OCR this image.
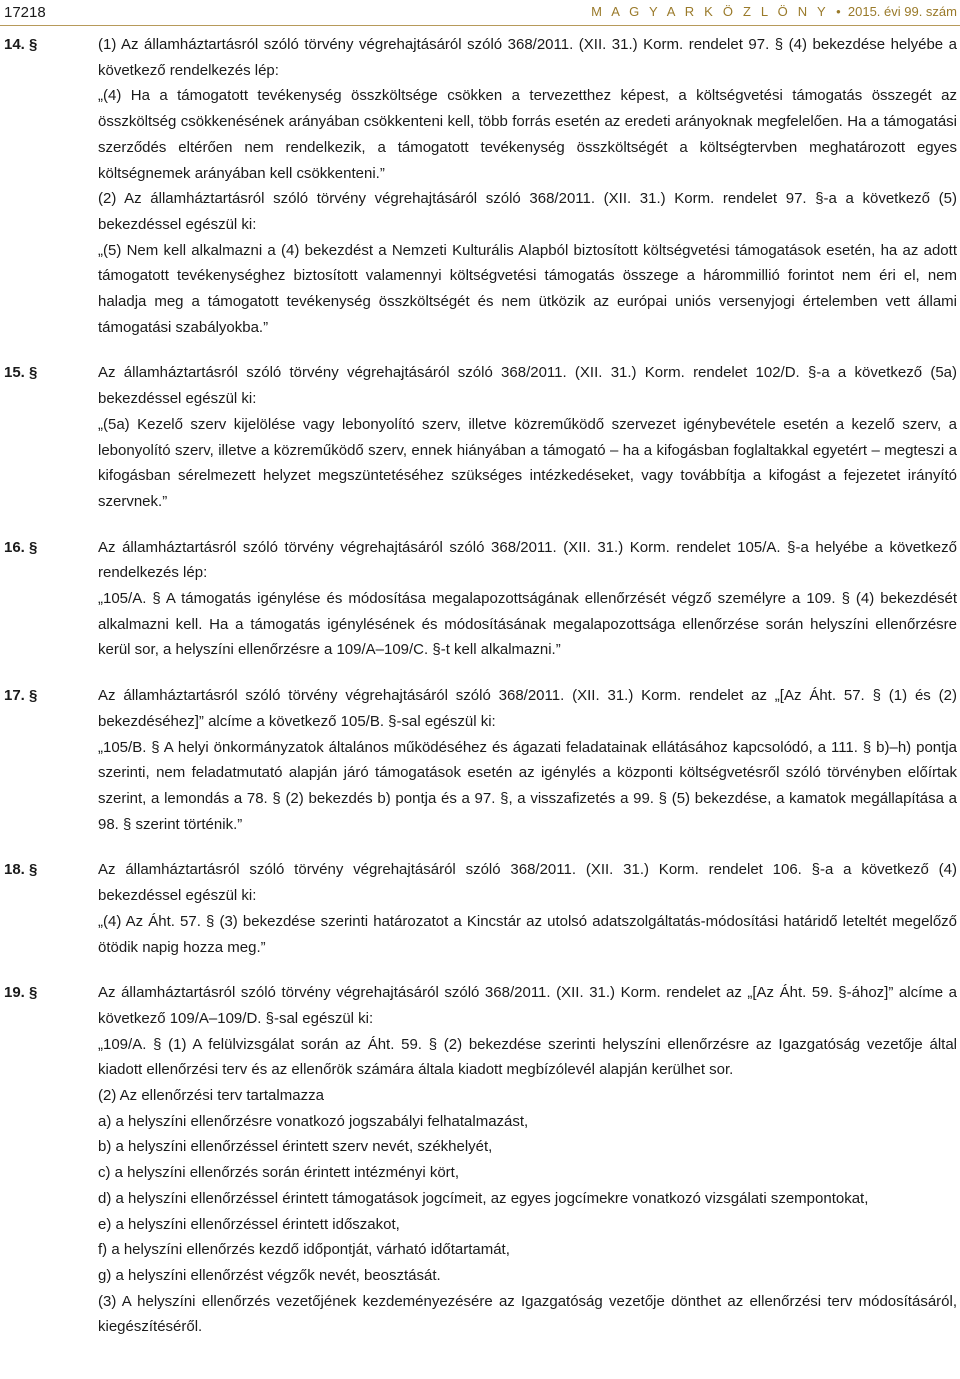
17218	M A G Y A R K Ö Z L Ö N Y • 2015. évi 99. szám
14. §	(1) Az államháztartásról szóló törvény végrehajtásáról szóló 368/2011. (XII. 31.) Korm. rendelet 97. § (4) bekezdése helyébe a következő rendelkezés lép:

„(4) Ha a támogatott tevékenység összköltsége csökken a tervezetthez képest, a költségvetési támogatás összegét az összköltség csökkenésének arányában csökkenteni kell, több forrás esetén az eredeti arányoknak megfelelően. Ha a támogatási szerződés eltérően nem rendelkezik, a támogatott tevékenység összköltségét a költségtervben meghatározott egyes költségnemek arányában kell csökkenteni.”

(2) Az államháztartásról szóló törvény végrehajtásáról szóló 368/2011. (XII. 31.) Korm. rendelet 97. §-a a következő (5) bekezdéssel egészül ki:

„(5) Nem kell alkalmazni a (4) bekezdést a Nemzeti Kulturális Alapból biztosított költségvetési támogatások esetén, ha az adott támogatott tevékenységhez biztosított valamennyi költségvetési támogatás összege a hárommillió forintot nem éri el, nem haladja meg a támogatott tevékenység összköltségét és nem ütközik az európai uniós versenyjogi értelemben vett állami támogatási szabályokba.”

15. §	Az államháztartásról szóló törvény végrehajtásáról szóló 368/2011. (XII. 31.) Korm. rendelet 102/D. §-a a következő (5a) bekezdéssel egészül ki:

„(5a) Kezelő szerv kijelölése vagy lebonyolító szerv, illetve közreműködő szervezet igénybevétele esetén a kezelő szerv, a lebonyolító szerv, illetve a közreműködő szerv, ennek hiányában a támogató – ha a kifogásban foglaltakkal egyetért – megteszi a kifogásban sérelmezett helyzet megszüntetéséhez szükséges intézkedéseket, vagy továbbítja a kifogást a fejezetet irányító szervnek.”

16. §	Az államháztartásról szóló törvény végrehajtásáról szóló 368/2011. (XII. 31.) Korm. rendelet 105/A. §-a helyébe a következő rendelkezés lép:

„105/A. § A támogatás igénylése és módosítása megalapozottságának ellenőrzését végző személyre a 109. § (4) bekezdését alkalmazni kell. Ha a támogatás igénylésének és módosításának megalapozottsága ellenőrzése során helyszíni ellenőrzésre kerül sor, a helyszíni ellenőrzésre a 109/A–109/C. §-t kell alkalmazni.”

17. §	Az államháztartásról szóló törvény végrehajtásáról szóló 368/2011. (XII. 31.) Korm. rendelet az „[Az Áht. 57. § (1) és (2) bekezdéséhez]” alcíme a következő 105/B. §-sal egészül ki:

„105/B. § A helyi önkormányzatok általános működéséhez és ágazati feladatainak ellátásához kapcsolódó, a 111. § b)–h) pontja szerinti, nem feladatmutató alapján járó támogatások esetén az igénylés a központi költségvetésről szóló törvényben előírtak szerint, a lemondás a 78. § (2) bekezdés b) pontja és a 97. §, a visszafizetés a 99. § (5) bekezdése, a kamatok megállapítása a 98. § szerint történik.”

18. §	Az államháztartásról szóló törvény végrehajtásáról szóló 368/2011. (XII. 31.) Korm. rendelet 106. §-a a következő (4) bekezdéssel egészül ki:

„(4) Az Áht. 57. § (3) bekezdése szerinti határozatot a Kincstár az utolsó adatszolgáltatás-módosítási határidő leteltét megelőző ötödik napig hozza meg.”

19. §	Az államháztartásról szóló törvény végrehajtásáról szóló 368/2011. (XII. 31.) Korm. rendelet az „[Az Áht. 59. §-ához]” alcíme a következő 109/A–109/D. §-sal egészül ki:

„109/A. § (1) A felülvizsgálat során az Áht. 59. § (2) bekezdése szerinti helyszíni ellenőrzésre az Igazgatóság vezetője által kiadott ellenőrzési terv és az ellenőrök számára általa kiadott megbízólevél alapján kerülhet sor.

(2) Az ellenőrzési terv tartalmazza

a) a helyszíni ellenőrzésre vonatkozó jogszabályi felhatalmazást,

b) a helyszíni ellenőrzéssel érintett szerv nevét, székhelyét,

c) a helyszíni ellenőrzés során érintett intézményi kört,

d) a helyszíni ellenőrzéssel érintett támogatások jogcímeit, az egyes jogcímekre vonatkozó vizsgálati szempontokat,

e) a helyszíni ellenőrzéssel érintett időszakot,

f) a helyszíni ellenőrzés kezdő időpontját, várható időtartamát,

g) a helyszíni ellenőrzést végzők nevét, beosztását.

(3) A helyszíni ellenőrzés vezetőjének kezdeményezésére az Igazgatóság vezetője dönthet az ellenőrzési terv módosításáról, kiegészítéséről.
